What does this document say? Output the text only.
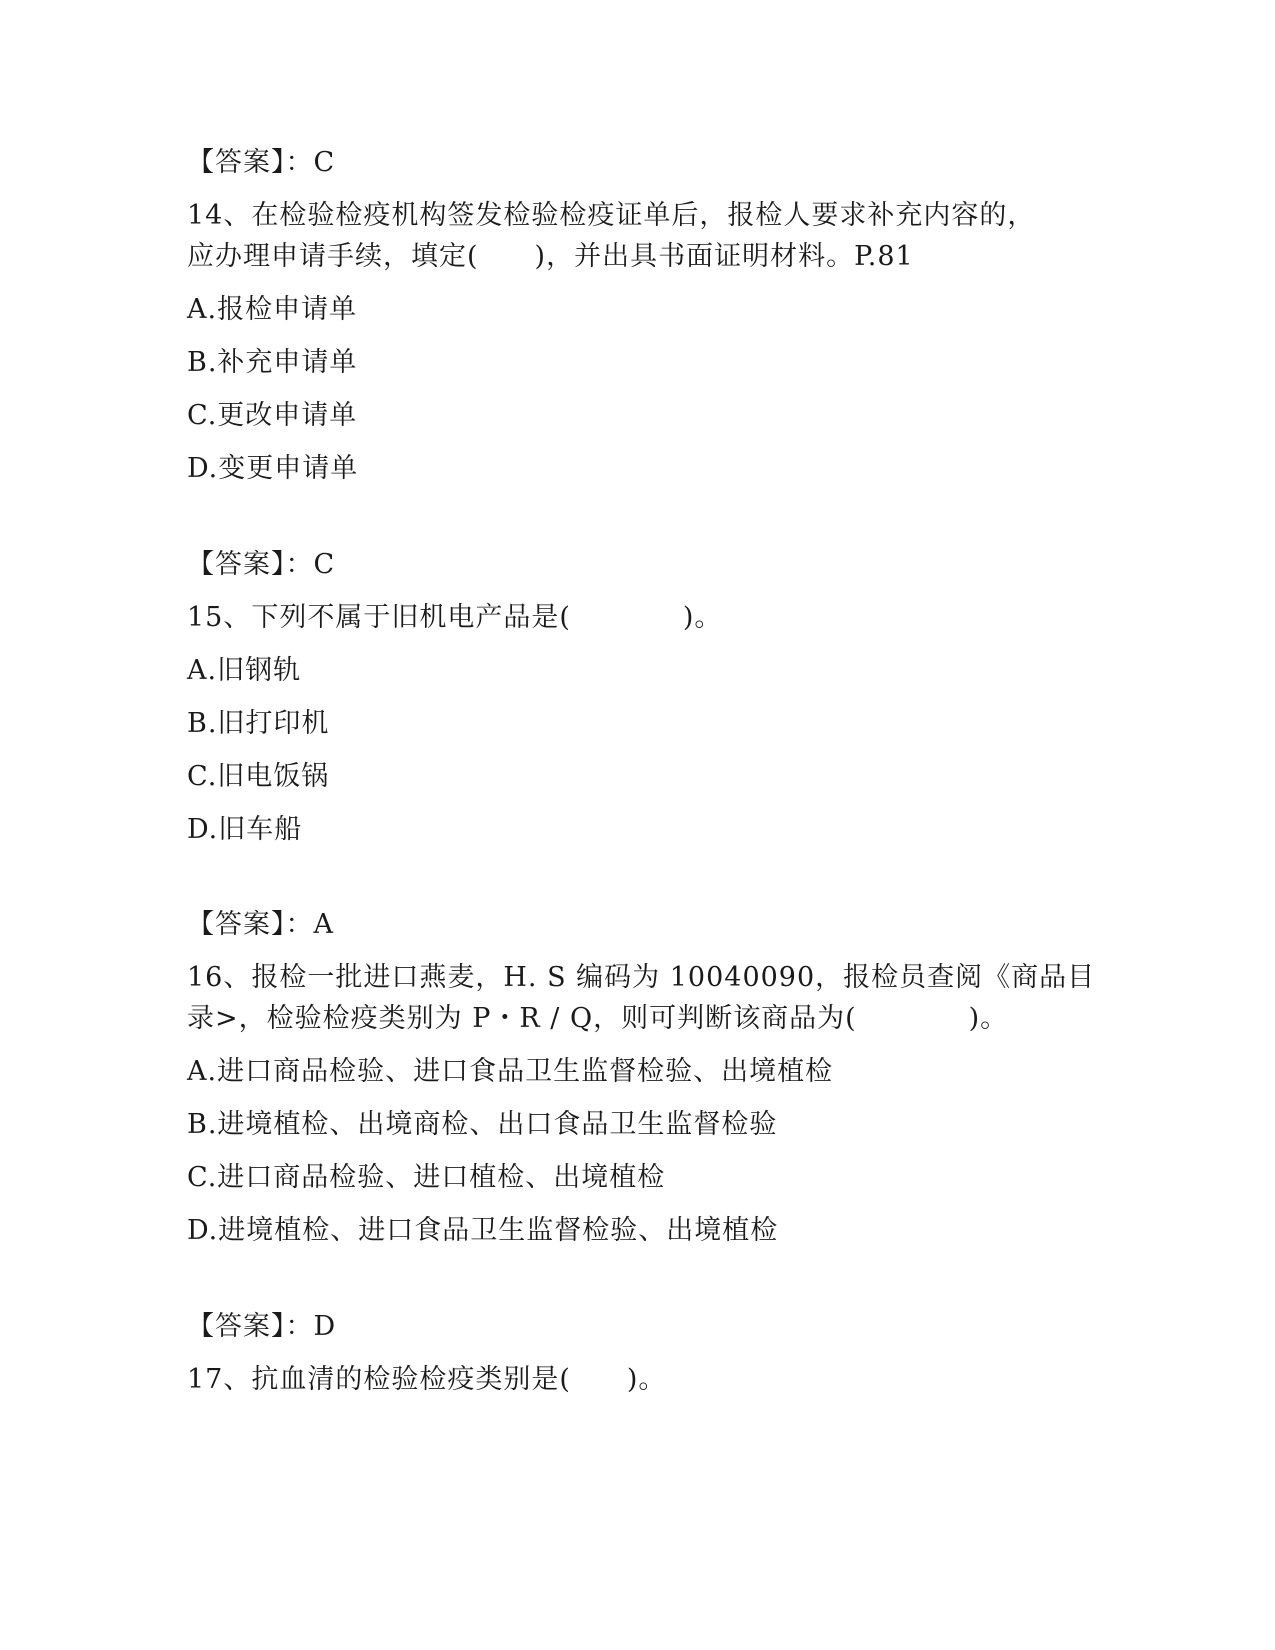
【答案】：C
14、在检验检疫机构签发检验检疫证单后，报检人要求补充内容的，
应办理申请手续，填定(　　)，并出具书面证明材料。P.81
A.报检申请单
B.补充申请单
C.更改申请单
D.变更申请单
【答案】：C
15、下列不属于旧机电产品是(　　　　)。
A.旧钢轨
B.旧打印机
C.旧电饭锅
D.旧车船
【答案】：A
16、报检一批进口燕麦，H. S 编码为 10040090，报检员查阅《商品目
录>，检验检疫类别为 P・R / Q，则可判断该商品为(　　　　)。
A.进口商品检验、进口食品卫生监督检验、出境植检
B.进境植检、出境商检、出口食品卫生监督检验
C.进口商品检验、进口植检、出境植检
D.进境植检、进口食品卫生监督检验、出境植检
【答案】：D
17、抗血清的检验检疫类别是(　　)。
